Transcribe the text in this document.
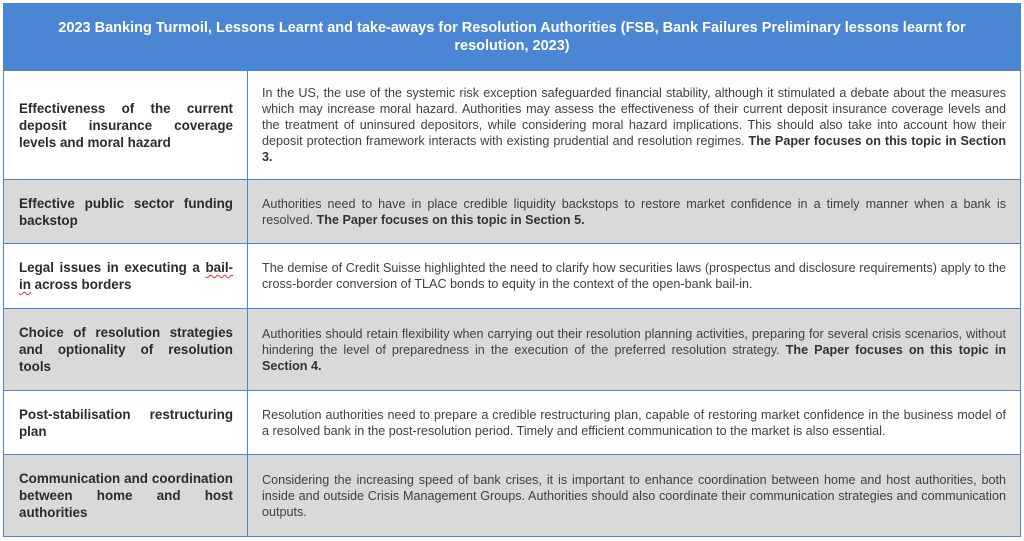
2023 Banking Turmoil, Lessons Learnt and take-aways for Resolution Authorities (FSB, Bank Failures Preliminary lessons learnt for resolution, 2023)	
Effectiveness of the current deposit insurance coverage levels and moral hazard	In the US, the use of the systemic risk exception safeguarded financial stability, although it stimulated a debate about the measures which may increase moral hazard. Authorities may assess the effectiveness of their current deposit insurance coverage levels and the treatment of uninsured depositors, while considering moral hazard implications. This should also take into account how their deposit protection framework interacts with existing prudential and resolution regimes. The Paper focuses on this topic in Section 3.
Effective public sector funding backstop	Authorities need to have in place credible liquidity backstops to restore market confidence in a timely manner when a bank is resolved. The Paper focuses on this topic in Section 5.
Legal issues in executing a bail-in across borders	The demise of Credit Suisse highlighted the need to clarify how securities laws (prospectus and disclosure requirements) apply to the cross-border conversion of TLAC bonds to equity in the context of the open-bank bail-in.
Choice of resolution strategies and optionality of resolution tools	Authorities should retain flexibility when carrying out their resolution planning activities, preparing for several crisis scenarios, without hindering the level of preparedness in the execution of the preferred resolution strategy. The Paper focuses on this topic in Section 4.
Post-stabilisation restructuring plan	Resolution authorities need to prepare a credible restructuring plan, capable of restoring market confidence in the business model of a resolved bank in the post-resolution period. Timely and efficient communication to the market is also essential.
Communication and coordination between home and host authorities	Considering the increasing speed of bank crises, it is important to enhance coordination between home and host authorities, both inside and outside Crisis Management Groups. Authorities should also coordinate their communication strategies and communication outputs.
